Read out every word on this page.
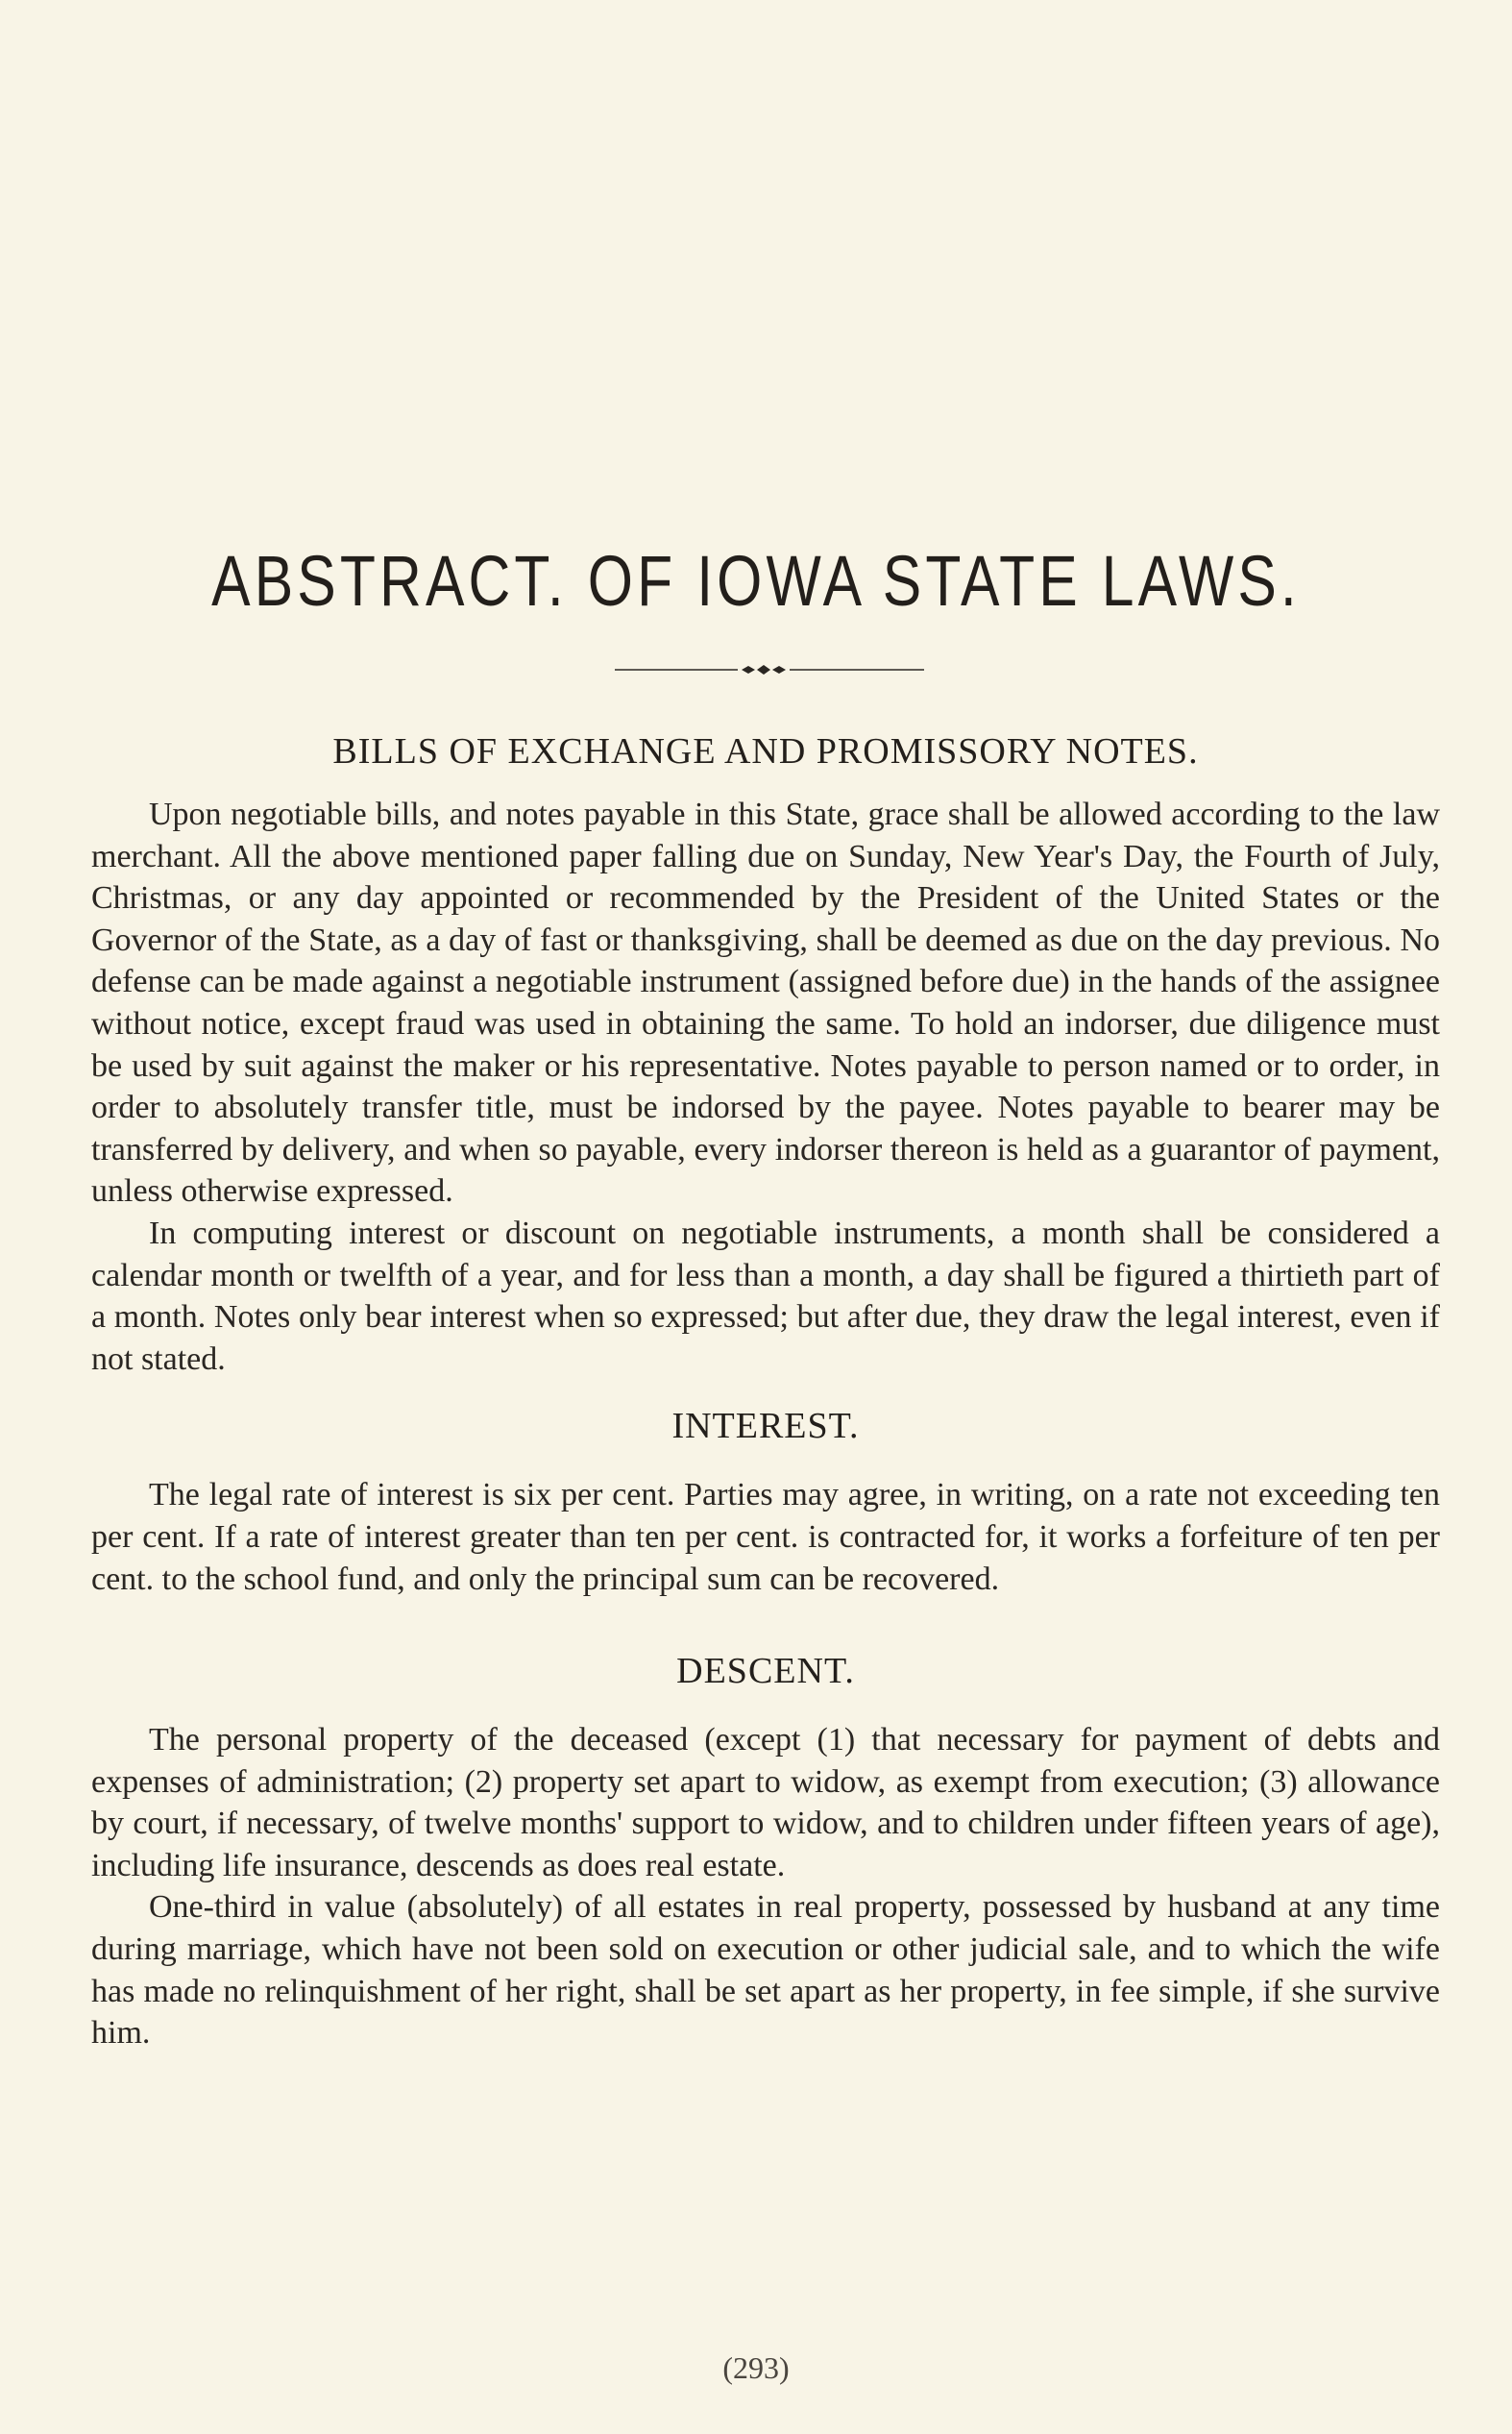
ABSTRACT. OF IOWA STATE LAWS.
BILLS OF EXCHANGE AND PROMISSORY NOTES.

Upon negotiable bills, and notes payable in this State, grace shall be allowed according to the law merchant. All the above mentioned paper falling due on Sunday, New Year's Day, the Fourth of July, Christmas, or any day appointed or recommended by the President of the United States or the Governor of the State, as a day of fast or thanksgiving, shall be deemed as due on the day previous. No defense can be made against a negotiable instrument (assigned before due) in the hands of the assignee without notice, except fraud was used in obtaining the same. To hold an indorser, due diligence must be used by suit against the maker or his representative. Notes payable to person named or to order, in order to absolutely transfer title, must be indorsed by the payee. Notes payable to bearer may be transferred by delivery, and when so payable, every indorser thereon is held as a guarantor of payment, unless otherwise expressed.

In computing interest or discount on negotiable instruments, a month shall be considered a calendar month or twelfth of a year, and for less than a month, a day shall be figured a thirtieth part of a month. Notes only bear interest when so expressed; but after due, they draw the legal interest, even if not stated.

INTEREST.

The legal rate of interest is six per cent. Parties may agree, in writing, on a rate not exceeding ten per cent. If a rate of interest greater than ten per cent. is contracted for, it works a forfeiture of ten per cent. to the school fund, and only the principal sum can be recovered.

DESCENT.

The personal property of the deceased (except (1) that necessary for payment of debts and expenses of administration; (2) property set apart to widow, as exempt from execution; (3) allowance by court, if necessary, of twelve months' support to widow, and to children under fifteen years of age), including life insurance, descends as does real estate.

One-third in value (absolutely) of all estates in real property, possessed by husband at any time during marriage, which have not been sold on execution or other judicial sale, and to which the wife has made no relinquishment of her right, shall be set apart as her property, in fee simple, if she survive him.

(293)
